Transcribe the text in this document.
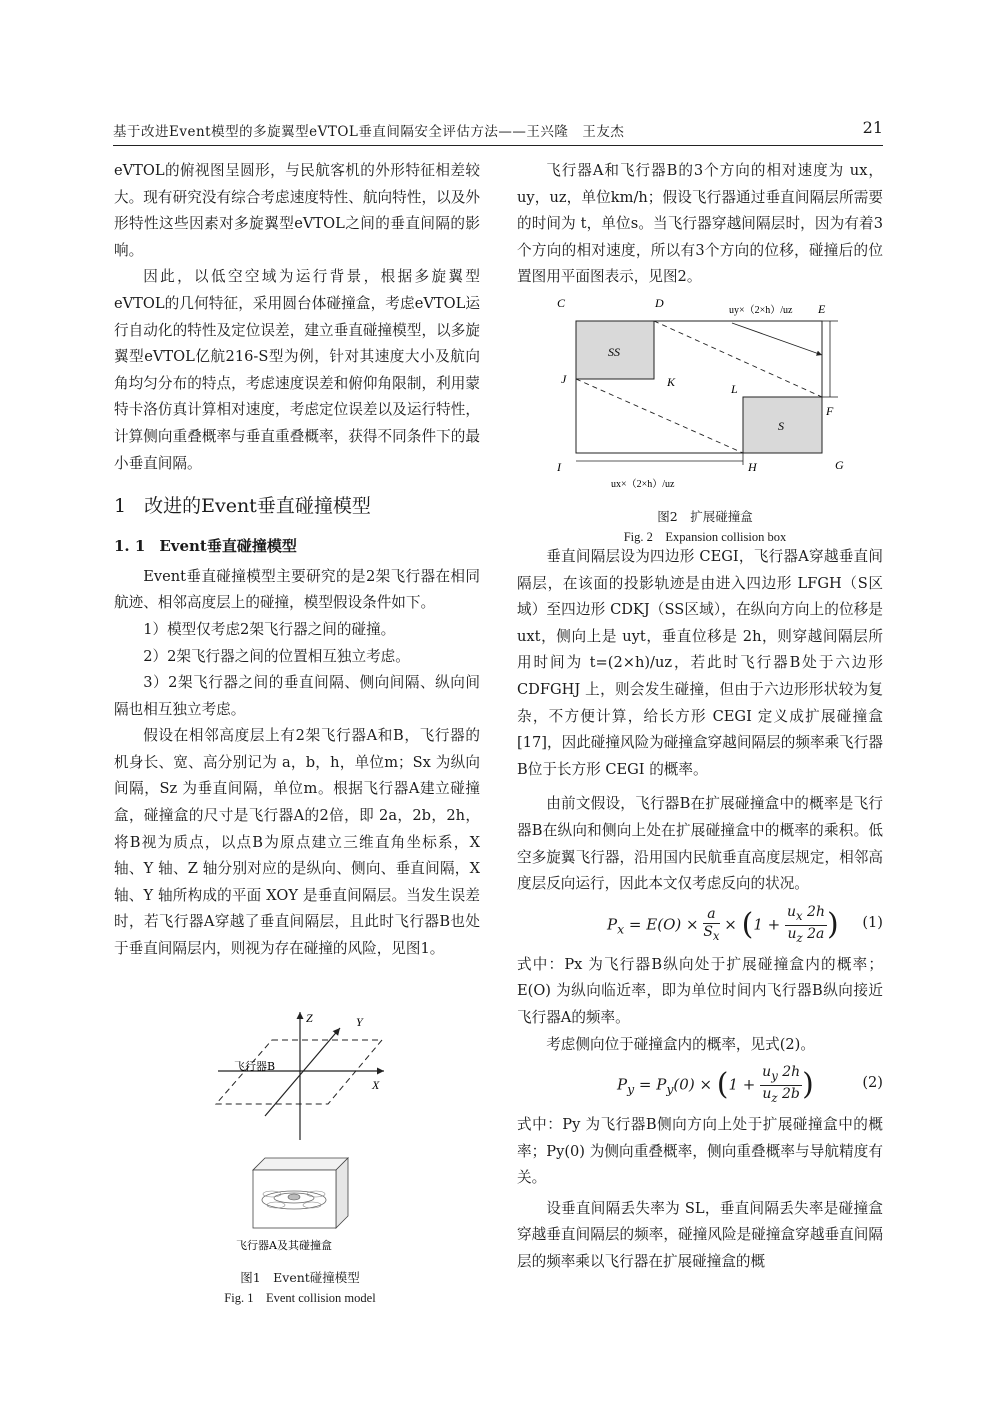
基于改进Event模型的多旋翼型eVTOL垂直间隔安全评估方法——王兴隆　王友杰	21

eVTOL的俯视图呈圆形，与民航客机的外形特征相差较大。现有研究没有综合考虑速度特性、航向特性，以及外形特性这些因素对多旋翼型eVTOL之间的垂直间隔的影响。

因此，以低空空域为运行背景，根据多旋翼型eVTOL的几何特征，采用圆台体碰撞盒，考虑eVTOL运行自动化的特性及定位误差，建立垂直碰撞模型，以多旋翼型eVTOL亿航216-S型为例，针对其速度大小及航向角均匀分布的特点，考虑速度误差和俯仰角限制，利用蒙特卡洛仿真计算相对速度，考虑定位误差以及运行特性，计算侧向重叠概率与垂直重叠概率，获得不同条件下的最小垂直间隔。

1 改进的Event垂直碰撞模型

1. 1 Event垂直碰撞模型

Event垂直碰撞模型主要研究的是2架飞行器在相同航迹、相邻高度层上的碰撞，模型假设条件如下。

1）模型仅考虑2架飞行器之间的碰撞。

2）2架飞行器之间的位置相互独立考虑。

3）2架飞行器之间的垂直间隔、侧向间隔、纵向间隔也相互独立考虑。

假设在相邻高度层上有2架飞行器A和B，飞行器的机身长、宽、高分别记为 a，b，h，单位m；Sx 为纵向间隔，Sz 为垂直间隔，单位m。根据飞行器A建立碰撞盒，碰撞盒的尺寸是飞行器A的2倍，即 2a，2b，2h，将B视为质点，以点B为原点建立三维直角坐标系，X 轴、Y 轴、Z 轴分别对应的是纵向、侧向、垂直间隔，X 轴、Y 轴所构成的平面 XOY 是垂直间隔层。当发生误差时，若飞行器A穿越了垂直间隔层，且此时飞行器B也处于垂直间隔层内，则视为存在碰撞的风险，见图1。

Z	Y
X
飞行器B
飞行器A及其碰撞盒
图1　Event碰撞模型
Fig. 1　Event collision model

飞行器A和飞行器B的3个方向的相对速度为 ux，uy，uz，单位km/h；假设飞行器通过垂直间隔层所需要的时间为 t，单位s。当飞行器穿越间隔层时，因为有着3个方向的相对速度，所以有3个方向的位移，碰撞后的位置图用平面图表示，见图2。

C	D	E
F
G
H
I
J	K	L
SS
S
uy×（2×h）/uz
ux×（2×h）/uz
图2　扩展碰撞盒
Fig. 2　Expansion collision box

垂直间隔层设为四边形 CEGI，飞行器A穿越垂直间隔层，在该面的投影轨迹是由进入四边形 LFGH（S区域）至四边形 CDKJ（SS区域），在纵向方向上的位移是 uxt，侧向上是 uyt，垂直位移是 2h，则穿越间隔层所用时间为 t=(2×h)/uz，若此时飞行器B处于六边形 CDFGHJ 上，则会发生碰撞，但由于六边形形状较为复杂，不方便计算，给长方形 CEGI 定义成扩展碰撞盒[17]，因此碰撞风险为碰撞盒穿越间隔层的频率乘飞行器B位于长方形 CEGI 的概率。

由前文假设，飞行器B在扩展碰撞盒中的概率是飞行器B在纵向和侧向上处在扩展碰撞盒中的概率的乘积。低空多旋翼飞行器，沿用国内民航垂直高度层规定，相邻高度层反向运行，因此本文仅考虑反向的状况。

$P_x = E(O) \times \frac{a}{S_x} \times (1 + \frac{u_x 2h}{u_z 2a}$ ) (1)

式中：Px 为飞行器B纵向处于扩展碰撞盒内的概率；E(O) 为纵向临近率，即为单位时间内飞行器B纵向接近飞行器A的频率。

考虑侧向位于碰撞盒内的概率，见式(2)。

$P_y = P_y(0) \times (1 + \frac{u_y 2h}{u_z 2b}$ )	(2)

式中：Py 为飞行器B侧向方向上处于扩展碰撞盒中的概率；Py(0) 为侧向重叠概率，侧向重叠概率与导航精度有关。

设垂直间隔丢失率为 SL，垂直间隔丢失率是碰撞盒穿越垂直间隔层的频率，碰撞风险是碰撞盒穿越垂直间隔层的频率乘以飞行器在扩展碰撞盒的概
